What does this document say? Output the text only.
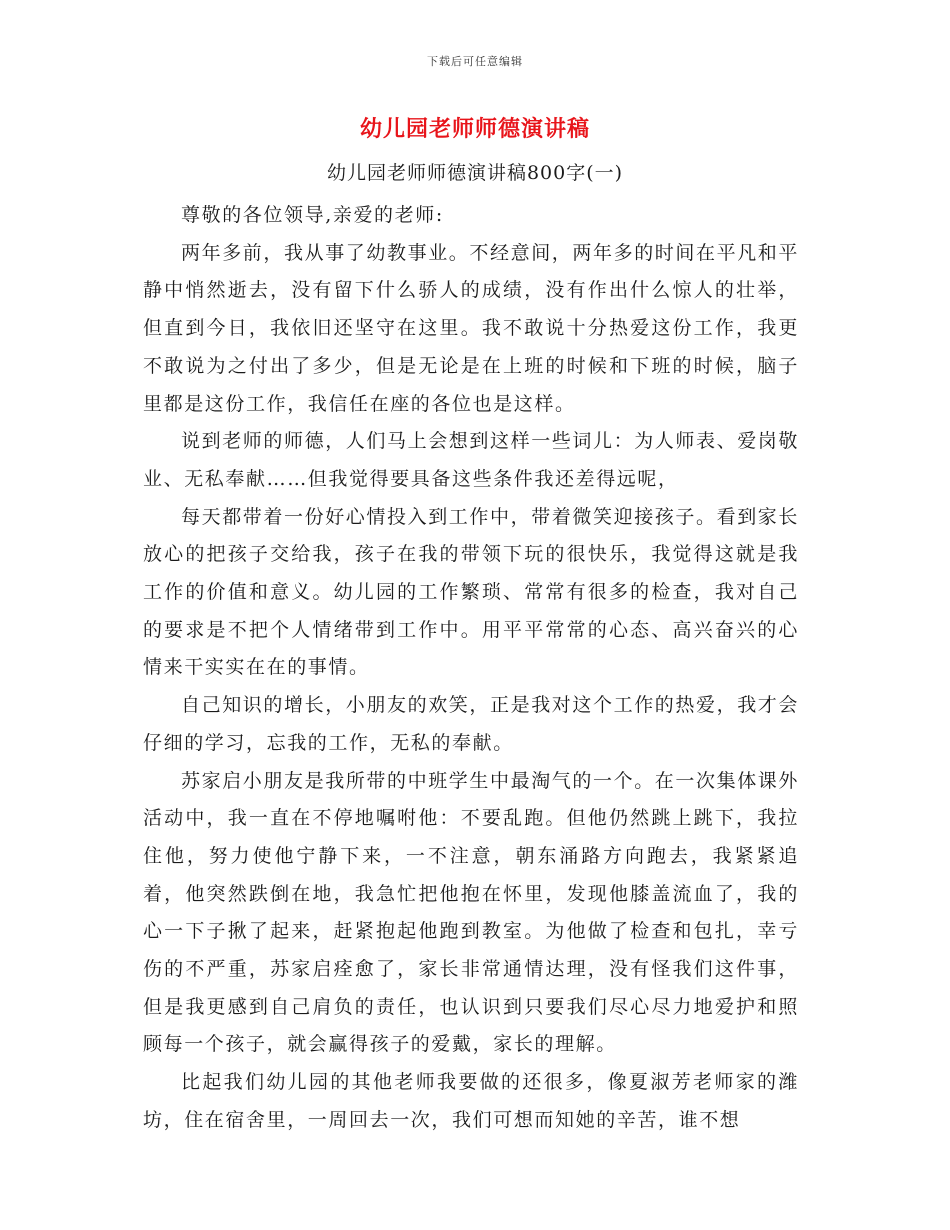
下载后可任意编辑
幼儿园老师师德演讲稿
幼儿园老师师德演讲稿800字(一)

尊敬的各位领导,亲爱的老师:

两年多前，我从事了幼教事业。不经意间，两年多的时间在平凡和平静中悄然逝去，没有留下什么骄人的成绩，没有作出什么惊人的壮举，但直到今日，我依旧还坚守在这里。我不敢说十分热爱这份工作，我更不敢说为之付出了多少，但是无论是在上班的时候和下班的时候，脑子里都是这份工作，我信任在座的各位也是这样。

说到老师的师德，人们马上会想到这样一些词儿：为人师表、爱岗敬业、无私奉献……但我觉得要具备这些条件我还差得远呢，

每天都带着一份好心情投入到工作中，带着微笑迎接孩子。看到家长放心的把孩子交给我，孩子在我的带领下玩的很快乐，我觉得这就是我工作的价值和意义。幼儿园的工作繁琐、常常有很多的检查，我对自己的要求是不把个人情绪带到工作中。用平平常常的心态、高兴奋兴的心情来干实实在在的事情。

自己知识的增长，小朋友的欢笑，正是我对这个工作的热爱，我才会仔细的学习，忘我的工作，无私的奉献。

苏家启小朋友是我所带的中班学生中最淘气的一个。在一次集体课外活动中，我一直在不停地嘱咐他：不要乱跑。但他仍然跳上跳下，我拉住他，努力使他宁静下来，一不注意，朝东涌路方向跑去，我紧紧追着，他突然跌倒在地，我急忙把他抱在怀里，发现他膝盖流血了，我的心一下子揪了起来，赶紧抱起他跑到教室。为他做了检查和包扎，幸亏伤的不严重，苏家启痊愈了，家长非常通情达理，没有怪我们这件事，但是我更感到自己肩负的责任，也认识到只要我们尽心尽力地爱护和照顾每一个孩子，就会赢得孩子的爱戴，家长的理解。

比起我们幼儿园的其他老师我要做的还很多，像夏淑芳老师家的潍坊，住在宿舍里，一周回去一次，我们可想而知她的辛苦，谁不想
